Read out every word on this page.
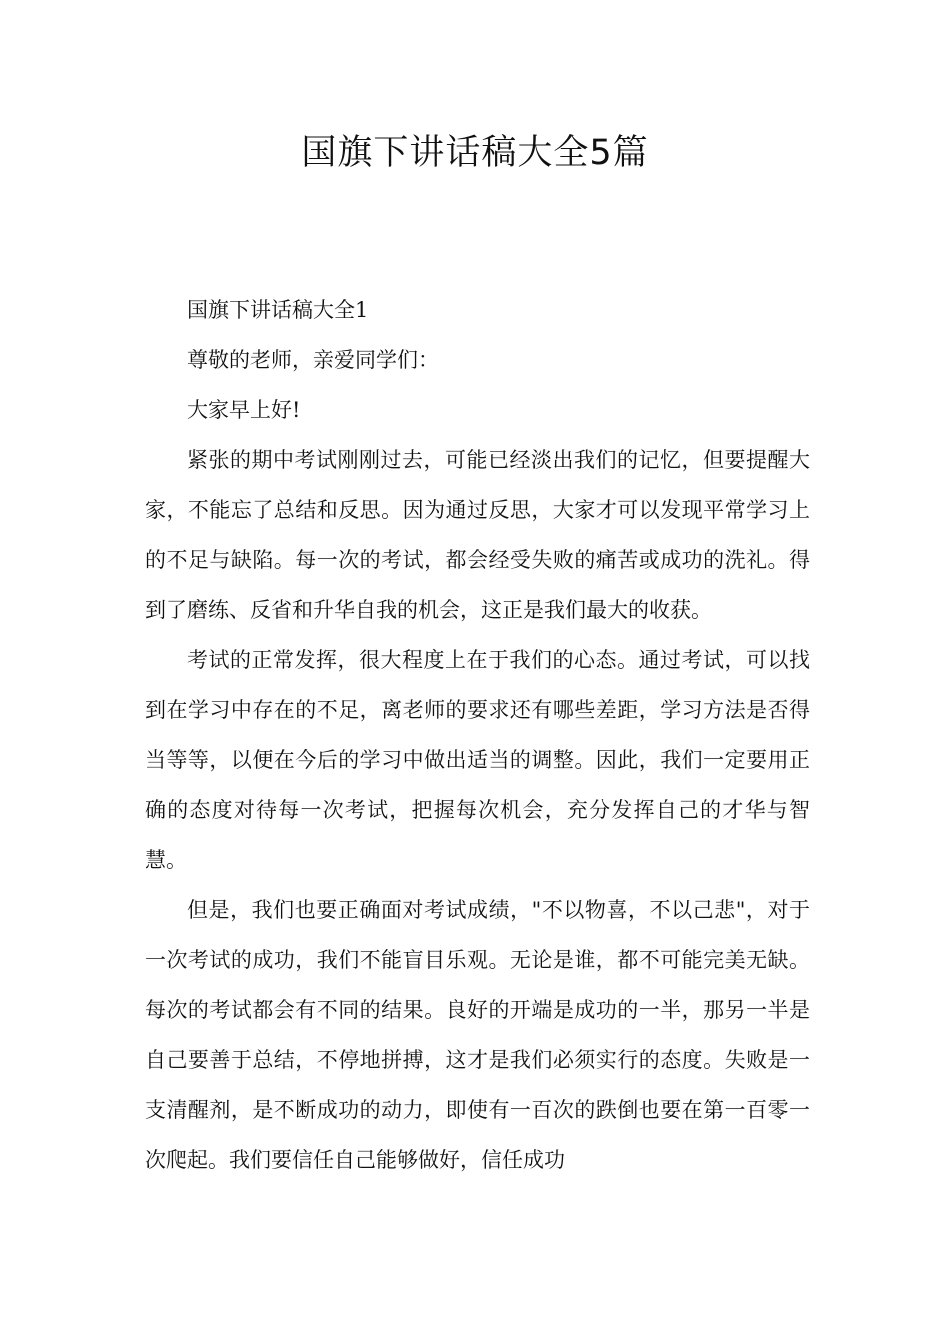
国旗下讲话稿大全5篇

国旗下讲话稿大全1

尊敬的老师，亲爱同学们：

大家早上好!

紧张的期中考试刚刚过去，可能已经淡出我们的记忆，但要提醒大家，不能忘了总结和反思。因为通过反思，大家才可以发现平常学习上的不足与缺陷。每一次的考试，都会经受失败的痛苦或成功的洗礼。得到了磨练、反省和升华自我的机会，这正是我们最大的收获。

考试的正常发挥，很大程度上在于我们的心态。通过考试，可以找到在学习中存在的不足，离老师的要求还有哪些差距，学习方法是否得当等等，以便在今后的学习中做出适当的调整。因此，我们一定要用正确的态度对待每一次考试，把握每次机会，充分发挥自己的才华与智慧。

但是，我们也要正确面对考试成绩，"不以物喜，不以己悲"，对于一次考试的成功，我们不能盲目乐观。无论是谁，都不可能完美无缺。每次的考试都会有不同的结果。良好的开端是成功的一半，那另一半是自己要善于总结，不停地拼搏，这才是我们必须实行的态度。失败是一支清醒剂，是不断成功的动力，即使有一百次的跌倒也要在第一百零一次爬起。我们要信任自己能够做好，信任成功
